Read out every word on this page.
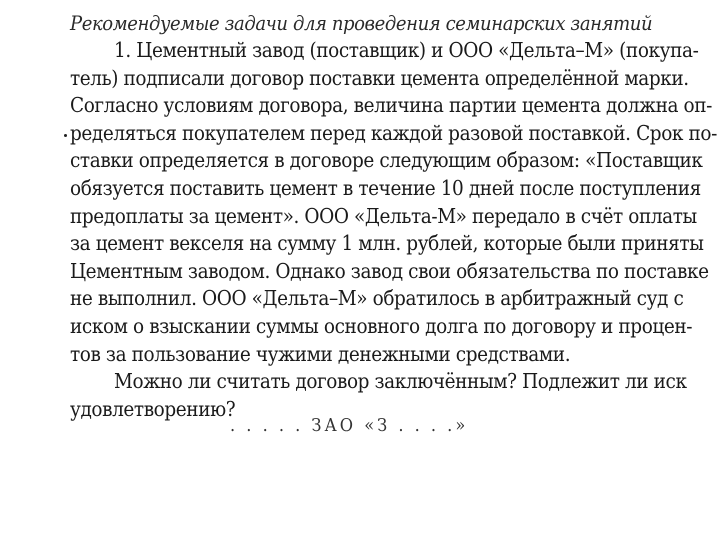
Рекомендуемые задачи для проведения семинарских занятий
1. Цементный завод (поставщик) и ООО «Дельта–М» (покупа-
тель) подписали договор поставки цемента определённой марки.
Согласно условиям договора, величина партии цемента должна оп-
ределяться покупателем перед каждой разовой поставкой. Срок по-
ставки определяется в договоре следующим образом: «Поставщик
обязуется поставить цемент в течение 10 дней после поступления
предоплаты за цемент». ООО «Дельта-М» передало в счёт оплаты
за цемент векселя на сумму 1 млн. рублей, которые были приняты
Цементным заводом. Однако завод свои обязательства по поставке
не выполнил. ООО «Дельта–М» обратилось в арбитражный суд с
иском о взыскании суммы основного долга по договору и процен-
тов за пользование чужими денежными средствами.
Можно ли считать договор заключённым? Подлежит ли иск
удовлетворению?
. . . . . ЗАО «З . . . .»
